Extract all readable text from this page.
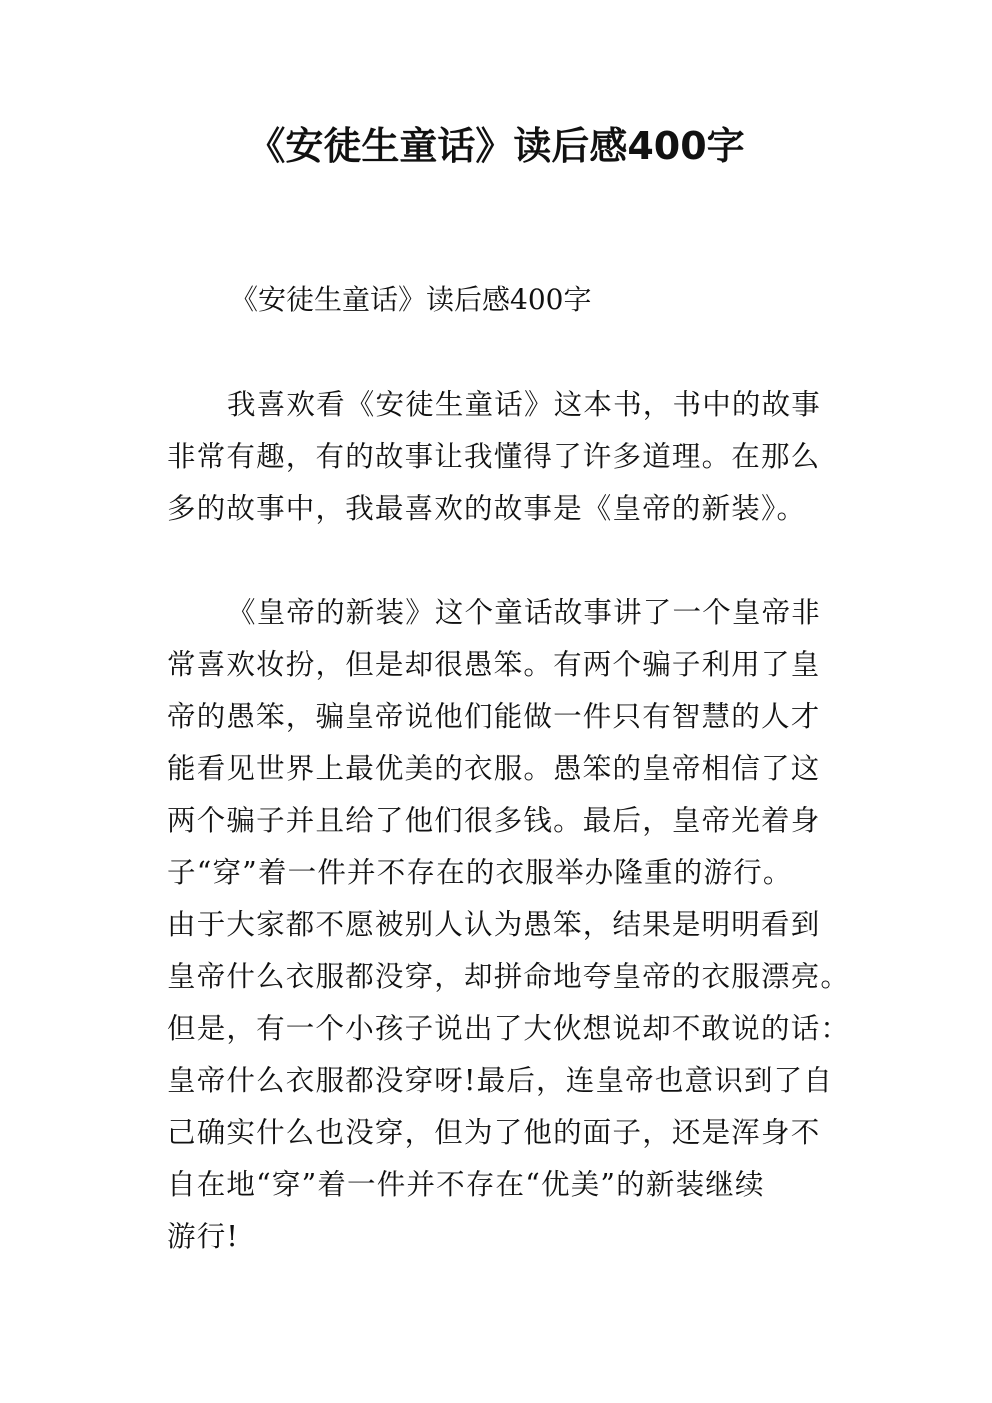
《安徒生童话》读后感400字
《安徒生童话》读后感400字
我喜欢看《安徒生童话》这本书，书中的故事
非常有趣，有的故事让我懂得了许多道理。在那么
多的故事中，我最喜欢的故事是《皇帝的新装》。
《皇帝的新装》这个童话故事讲了一个皇帝非
常喜欢妆扮，但是却很愚笨。有两个骗子利用了皇
帝的愚笨，骗皇帝说他们能做一件只有智慧的人才
能看见世界上最优美的衣服。愚笨的皇帝相信了这
两个骗子并且给了他们很多钱。最后，皇帝光着身
子“穿”着一件并不存在的衣服举办隆重的游行。
由于大家都不愿被别人认为愚笨，结果是明明看到
皇帝什么衣服都没穿，却拼命地夸皇帝的衣服漂亮。
但是，有一个小孩子说出了大伙想说却不敢说的话：
皇帝什么衣服都没穿呀!最后，连皇帝也意识到了自
己确实什么也没穿，但为了他的面子，还是浑身不
自在地“穿”着一件并不存在“优美”的新装继续
游行!
